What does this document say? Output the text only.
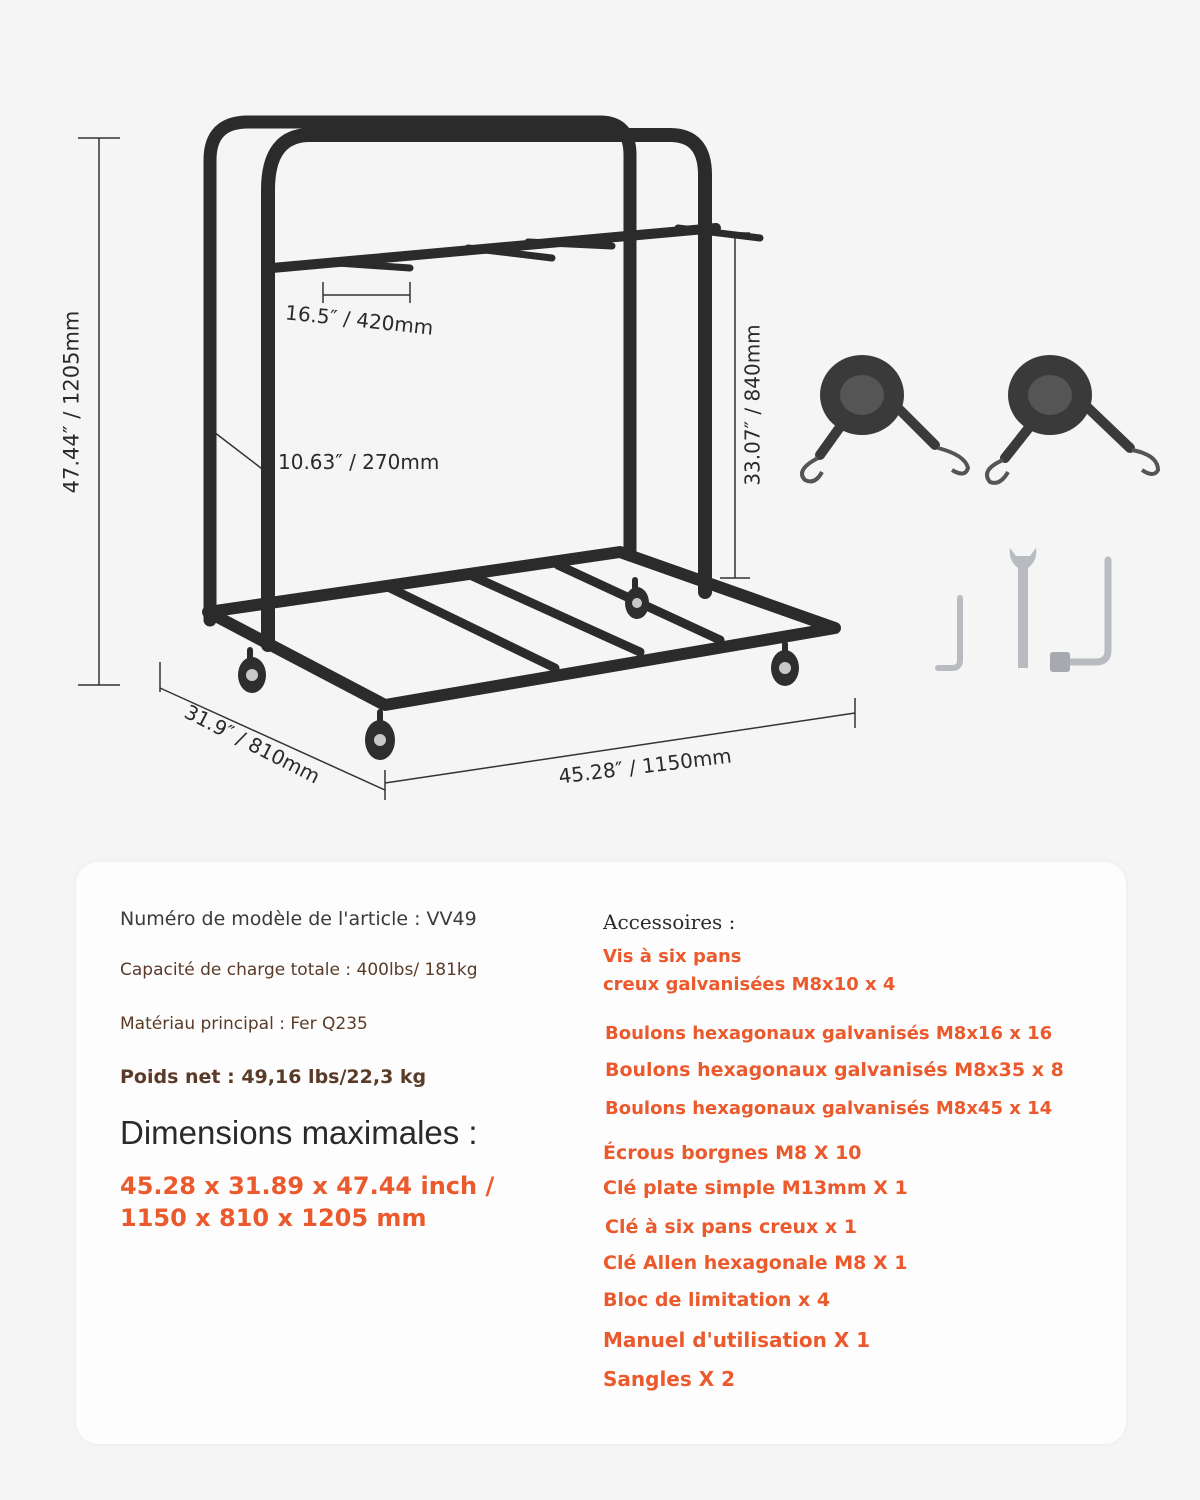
47.44″ / 1205mm	16.5″ / 420mm
10.63″ / 270mm	33.07″ / 840mm
31.9″ / 810mm	45.28″ / 1150mm
Numéro de modèle de l'article : VV49
Capacité de charge totale : 400lbs/ 181kg
Matériau principal : Fer Q235
Poids net : 49,16 lbs/22,3 kg
Dimensions maximales :
45.28 x 31.89 x 47.44 inch /
1150 x 810 x 1205 mm
Accessoires :
Vis à six pans
creux galvanisées M8x10 x 4
Boulons hexagonaux galvanisés M8x16 x 16
Boulons hexagonaux galvanisés M8x35 x 8
Boulons hexagonaux galvanisés M8x45 x 14
Écrous borgnes M8 X 10
Clé plate simple M13mm X 1
Clé à six pans creux x 1
Clé Allen hexagonale M8 X 1
Bloc de limitation x 4
Manuel d'utilisation X 1
Sangles X 2
